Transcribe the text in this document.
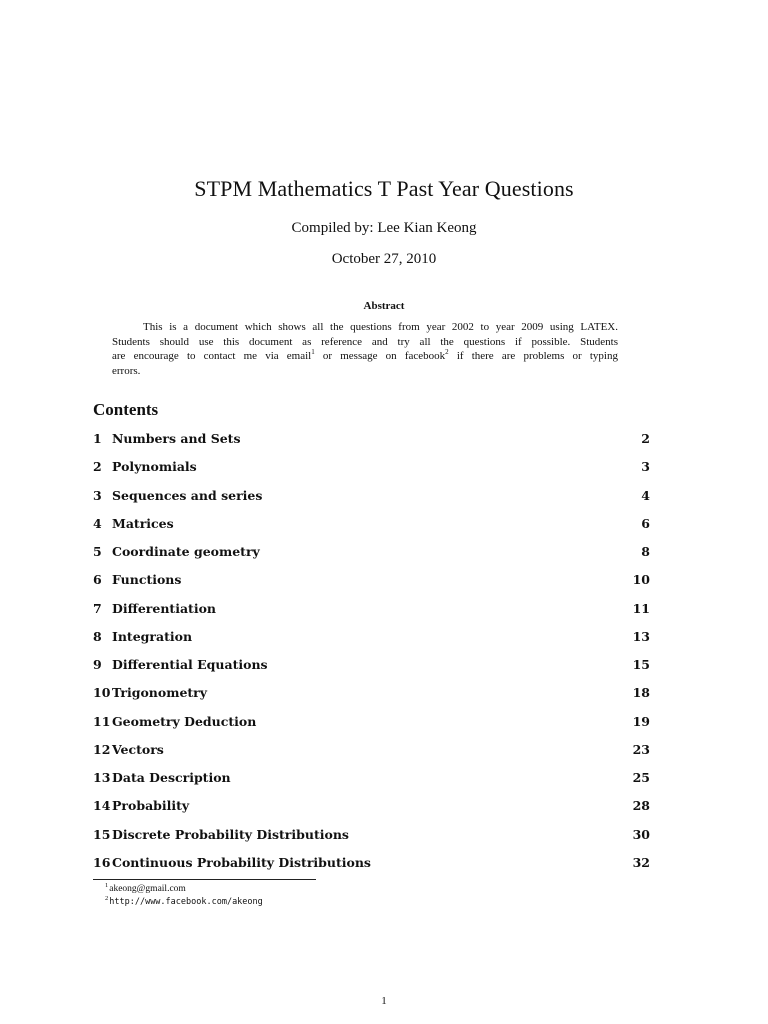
STPM Mathematics T Past Year Questions
Compiled by: Lee Kian Keong
October 27, 2010
Abstract
This is a document which shows all the questions from year 2002 to year 2009 using LATEX.
Students should use this document as reference and try all the questions if possible. Students
are encourage to contact me via email$^1$ or message on facebook$^2$ if there are problems or typing
errors.
Contents
1 Numbers and Sets	2
2 Polynomials	3
3 Sequences and series	4
4 Matrices	6
5 Coordinate geometry	8
6 Functions	10
7 Differentiation	11
8 Integration	13
9 Differential Equations	15
10 Trigonometry	18
11 Geometry Deduction	19
12 Vectors	23
13 Data Description	25
14 Probability	28
15 Discrete Probability Distributions	30
16 Continuous Probability Distributions	32
$^1$akeong@gmail.com
$^2$http://www.facebook.com/akeong
1
